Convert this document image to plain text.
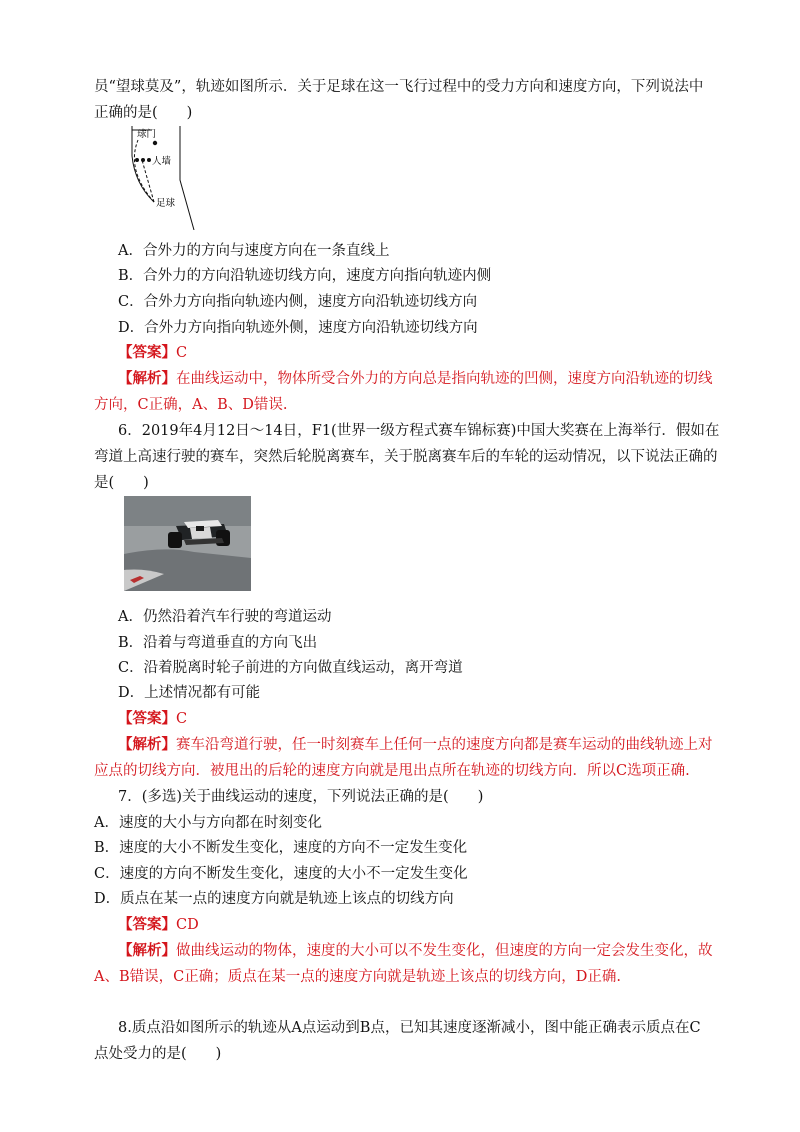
员“望球莫及”，轨迹如图所示．关于足球在这一飞行过程中的受力方向和速度方向，下列说法中
正确的是(　　)
球门
人墙
足球
A．合外力的方向与速度方向在一条直线上
B．合外力的方向沿轨迹切线方向，速度方向指向轨迹内侧
C．合外力方向指向轨迹内侧，速度方向沿轨迹切线方向
D．合外力方向指向轨迹外侧，速度方向沿轨迹切线方向
【答案】C
【解析】在曲线运动中，物体所受合外力的方向总是指向轨迹的凹侧，速度方向沿轨迹的切线
方向，C正确，A、B、D错误.
6．2019年4月12日～14日，F1(世界一级方程式赛车锦标赛)中国大奖赛在上海举行．假如在
弯道上高速行驶的赛车，突然后轮脱离赛车，关于脱离赛车后的车轮的运动情况，以下说法正确的
是(　　)
A．仍然沿着汽车行驶的弯道运动
B．沿着与弯道垂直的方向飞出
C．沿着脱离时轮子前进的方向做直线运动，离开弯道
D．上述情况都有可能
【答案】C
【解析】赛车沿弯道行驶，任一时刻赛车上任何一点的速度方向都是赛车运动的曲线轨迹上对
应点的切线方向．被甩出的后轮的速度方向就是甩出点所在轨迹的切线方向．所以C选项正确.
7．(多选)关于曲线运动的速度，下列说法正确的是(　　)
A．速度的大小与方向都在时刻变化
B．速度的大小不断发生变化，速度的方向不一定发生变化
C．速度的方向不断发生变化，速度的大小不一定发生变化
D．质点在某一点的速度方向就是轨迹上该点的切线方向
【答案】CD
【解析】做曲线运动的物体，速度的大小可以不发生变化，但速度的方向一定会发生变化，故
A、B错误，C正确；质点在某一点的速度方向就是轨迹上该点的切线方向，D正确.
8.质点沿如图所示的轨迹从A点运动到B点，已知其速度逐渐减小，图中能正确表示质点在C
点处受力的是(　　)
